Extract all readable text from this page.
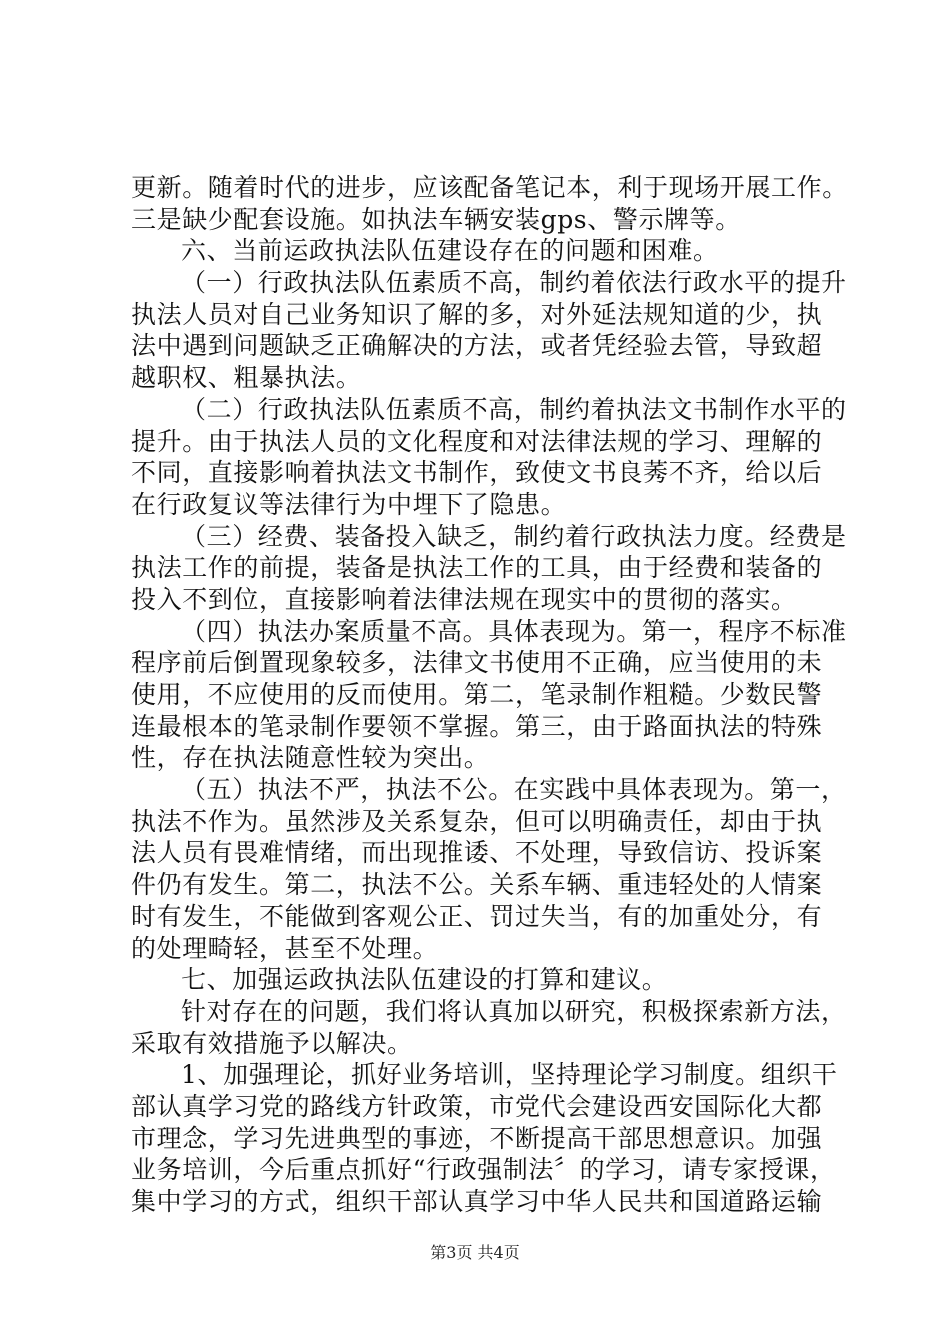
更新。随着时代的进步，应该配备笔记本，利于现场开展工作。
三是缺少配套设施。如执法车辆安装gps、警示牌等。
六、当前运政执法队伍建设存在的问题和困难。
（一）行政执法队伍素质不高，制约着依法行政水平的提升
执法人员对自己业务知识了解的多，对外延法规知道的少，执
法中遇到问题缺乏正确解决的方法，或者凭经验去管，导致超
越职权、粗暴执法。
（二）行政执法队伍素质不高，制约着执法文书制作水平的
提升。由于执法人员的文化程度和对法律法规的学习、理解的
不同，直接影响着执法文书制作，致使文书良莠不齐，给以后
在行政复议等法律行为中埋下了隐患。
（三）经费、装备投入缺乏，制约着行政执法力度。经费是
执法工作的前提，装备是执法工作的工具，由于经费和装备的
投入不到位，直接影响着法律法规在现实中的贯彻的落实。
（四）执法办案质量不高。具体表现为。第一，程序不标准
程序前后倒置现象较多，法律文书使用不正确，应当使用的未
使用，不应使用的反而使用。第二，笔录制作粗糙。少数民警
连最根本的笔录制作要领不掌握。第三，由于路面执法的特殊
性，存在执法随意性较为突出。
（五）执法不严，执法不公。在实践中具体表现为。第一，
执法不作为。虽然涉及关系复杂，但可以明确责任，却由于执
法人员有畏难情绪，而出现推诿、不处理，导致信访、投诉案
件仍有发生。第二，执法不公。关系车辆、重违轻处的人情案
时有发生，不能做到客观公正、罚过失当，有的加重处分，有
的处理畸轻，甚至不处理。
七、加强运政执法队伍建设的打算和建议。
针对存在的问题，我们将认真加以研究，积极探索新方法，
采取有效措施予以解决。
1、加强理论，抓好业务培训，坚持理论学习制度。组织干
部认真学习党的路线方针政策，市党代会建设西安国际化大都
市理念，学习先进典型的事迹，不断提高干部思想意识。加强
业务培训，今后重点抓好“行政强制法〞的学习，请专家授课，
集中学习的方式，组织干部认真学习中华人民共和国道路运输
第3页 共4页
